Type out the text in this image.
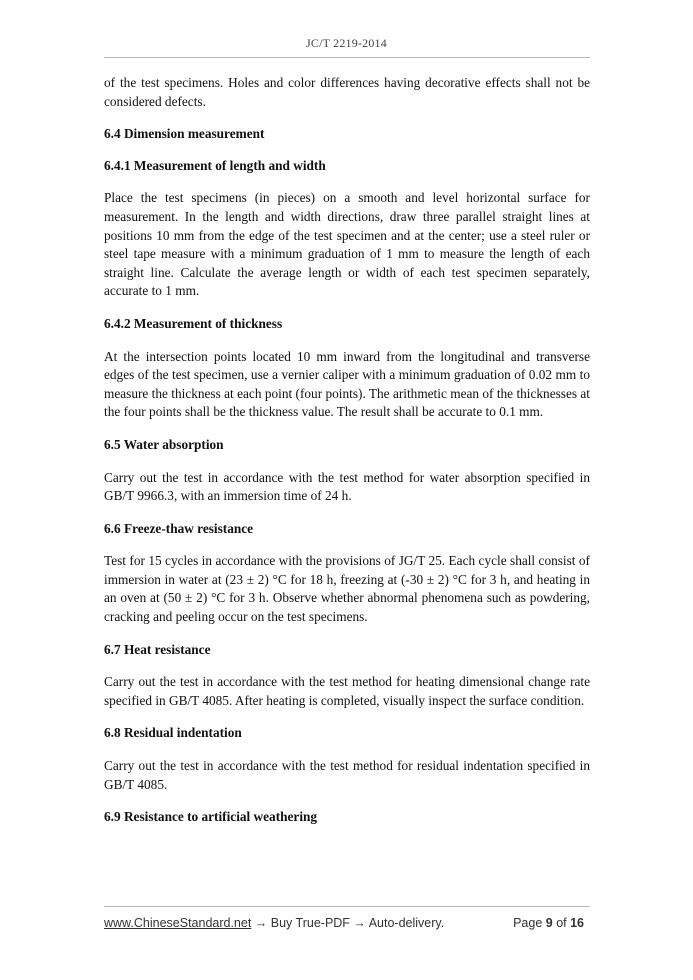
JC/T 2219-2014

of the test specimens. Holes and color differences having decorative effects shall not be considered defects.

6.4 Dimension measurement

6.4.1 Measurement of length and width

Place the test specimens (in pieces) on a smooth and level horizontal surface for measurement. In the length and width directions, draw three parallel straight lines at positions 10 mm from the edge of the test specimen and at the center; use a steel ruler or steel tape measure with a minimum graduation of 1 mm to measure the length of each straight line. Calculate the average length or width of each test specimen separately, accurate to 1 mm.

6.4.2 Measurement of thickness

At the intersection points located 10 mm inward from the longitudinal and transverse edges of the test specimen, use a vernier caliper with a minimum graduation of 0.02 mm to measure the thickness at each point (four points). The arithmetic mean of the thicknesses at the four points shall be the thickness value. The result shall be accurate to 0.1 mm.

6.5 Water absorption

Carry out the test in accordance with the test method for water absorption specified in GB/T 9966.3, with an immersion time of 24 h.

6.6 Freeze-thaw resistance

Test for 15 cycles in accordance with the provisions of JG/T 25. Each cycle shall consist of immersion in water at (23 ± 2) °C for 18 h, freezing at (-30 ± 2) °C for 3 h, and heating in an oven at (50 ± 2) °C for 3 h. Observe whether abnormal phenomena such as powdering, cracking and peeling occur on the test specimens.

6.7 Heat resistance

Carry out the test in accordance with the test method for heating dimensional change rate specified in GB/T 4085. After heating is completed, visually inspect the surface condition.

6.8 Residual indentation

Carry out the test in accordance with the test method for residual indentation specified in GB/T 4085.

6.9 Resistance to artificial weathering

www.ChineseStandard.net → Buy True-PDF → Auto-delivery.	Page 9 of 16
